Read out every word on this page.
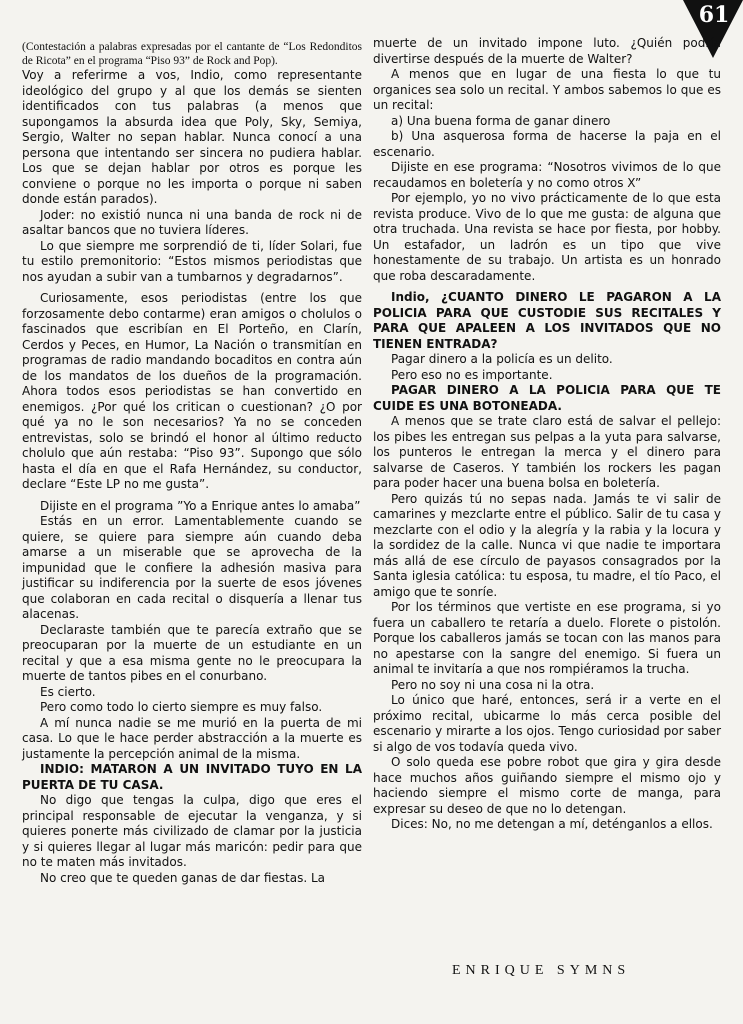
61

(Contestación a palabras expresadas por el cantante de “Los Redonditos de Ricota” en el programa “Piso 93” de Rock and Pop).

Voy a referirme a vos, Indio, como representante ideológico del grupo y al que los demás se sienten identificados con tus palabras (a menos que supongamos la absurda idea que Poly, Sky, Semiya, Sergio, Walter no sepan hablar. Nunca conocí a una persona que intentando ser sincera no pudiera hablar. Los que se dejan hablar por otros es porque les conviene o porque no les importa o porque ni saben donde están parados).

Joder: no existió nunca ni una banda de rock ni de asaltar bancos que no tuviera líderes.

Lo que siempre me sorprendió de ti, líder Solari, fue tu estilo premonitorio: “Estos mismos periodistas que nos ayudan a subir van a tumbarnos y degradarnos”.

Curiosamente, esos periodistas (entre los que forzosamente debo contarme) eran amigos o cholulos o fascinados que escribían en El Porteño, en Clarín, Cerdos y Peces, en Humor, La Nación o transmitían en programas de radio mandando bocaditos en contra aún de los mandatos de los dueños de la programación. Ahora todos esos periodistas se han convertido en enemigos. ¿Por qué los critican o cuestionan? ¿O por qué ya no le son necesarios? Ya no se conceden entrevistas, solo se brindó el honor al último reducto cholulo que aún restaba: “Piso 93”. Supongo que sólo hasta el día en que el Rafa Hernández, su conductor, declare “Este LP no me gusta”.

Dijiste en el programa ”Yo a Enrique antes lo amaba”

Estás en un error. Lamentablemente cuando se quiere, se quiere para siempre aún cuando deba amarse a un miserable que se aprovecha de la impunidad que le confiere la adhesión masiva para justificar su indiferencia por la suerte de esos jóvenes que colaboran en cada recital o disquería a llenar tus alacenas.

Declaraste también que te parecía extraño que se preocuparan por la muerte de un estudiante en un recital y que a esa misma gente no le preocupara la muerte de tantos pibes en el conurbano.

Es cierto.

Pero como todo lo cierto siempre es muy falso.

A mí nunca nadie se me murió en la puerta de mi casa. Lo que le hace perder abstracción a la muerte es justamente la percepción animal de la misma.

INDIO: MATARON A UN INVITADO TUYO EN LA PUERTA DE TU CASA.

No digo que tengas la culpa, digo que eres el principal responsable de ejecutar la venganza, y si quieres ponerte más civilizado de clamar por la justicia y si quieres llegar al lugar más maricón: pedir para que no te maten más invitados.

No creo que te queden ganas de dar fiestas. La

muerte de un invitado impone luto. ¿Quién podría divertirse después de la muerte de Walter?

A menos que en lugar de una fiesta lo que tu organices sea solo un recital. Y ambos sabemos lo que es un recital:

a) Una buena forma de ganar dinero

b) Una asquerosa forma de hacerse la paja en el escenario.

Dijiste en ese programa: “Nosotros vivimos de lo que recaudamos en boletería y no como otros X”

Por ejemplo, yo no vivo prácticamente de lo que esta revista produce. Vivo de lo que me gusta: de alguna que otra truchada. Una revista se hace por fiesta, por hobby. Un estafador, un ladrón es un tipo que vive honestamente de su trabajo. Un artista es un honrado que roba descaradamente.

Indio, ¿CUANTO DINERO LE PAGARON A LA POLICIA PARA QUE CUSTODIE SUS RECITALES Y PARA QUE APALEEN A LOS INVITADOS QUE NO TIENEN ENTRADA?

Pagar dinero a la policía es un delito.

Pero eso no es importante.

PAGAR DINERO A LA POLICIA PARA QUE TE CUIDE ES UNA BOTONEADA.

A menos que se trate claro está de salvar el pellejo: los pibes les entregan sus pelpas a la yuta para salvarse, los punteros le entregan la merca y el dinero para salvarse de Caseros. Y también los rockers les pagan para poder hacer una buena bolsa en boletería.

Pero quizás tú no sepas nada. Jamás te vi salir de camarines y mezclarte entre el público. Salir de tu casa y mezclarte con el odio y la alegría y la rabia y la locura y la sordidez de la calle. Nunca vi que nadie te importara más allá de ese círculo de payasos consagrados por la Santa iglesia católica: tu esposa, tu madre, el tío Paco, el amigo que te sonríe.

Por los términos que vertiste en ese programa, si yo fuera un caballero te retaría a duelo. Florete o pistolón. Porque los caballeros jamás se tocan con las manos para no apestarse con la sangre del enemigo. Si fuera un animal te invitaría a que nos rompiéramos la trucha.

Pero no soy ni una cosa ni la otra.

Lo único que haré, entonces, será ir a verte en el próximo recital, ubicarme lo más cerca posible del escenario y mirarte a los ojos. Tengo curiosidad por saber si algo de vos todavía queda vivo.

O solo queda ese pobre robot que gira y gira desde hace muchos años guiñando siempre el mismo ojo y haciendo siempre el mismo corte de manga, para expresar su deseo de que no lo detengan.

Dices: No, no me detengan a mí, deténganlos a ellos.

ENRIQUE SYMNS
